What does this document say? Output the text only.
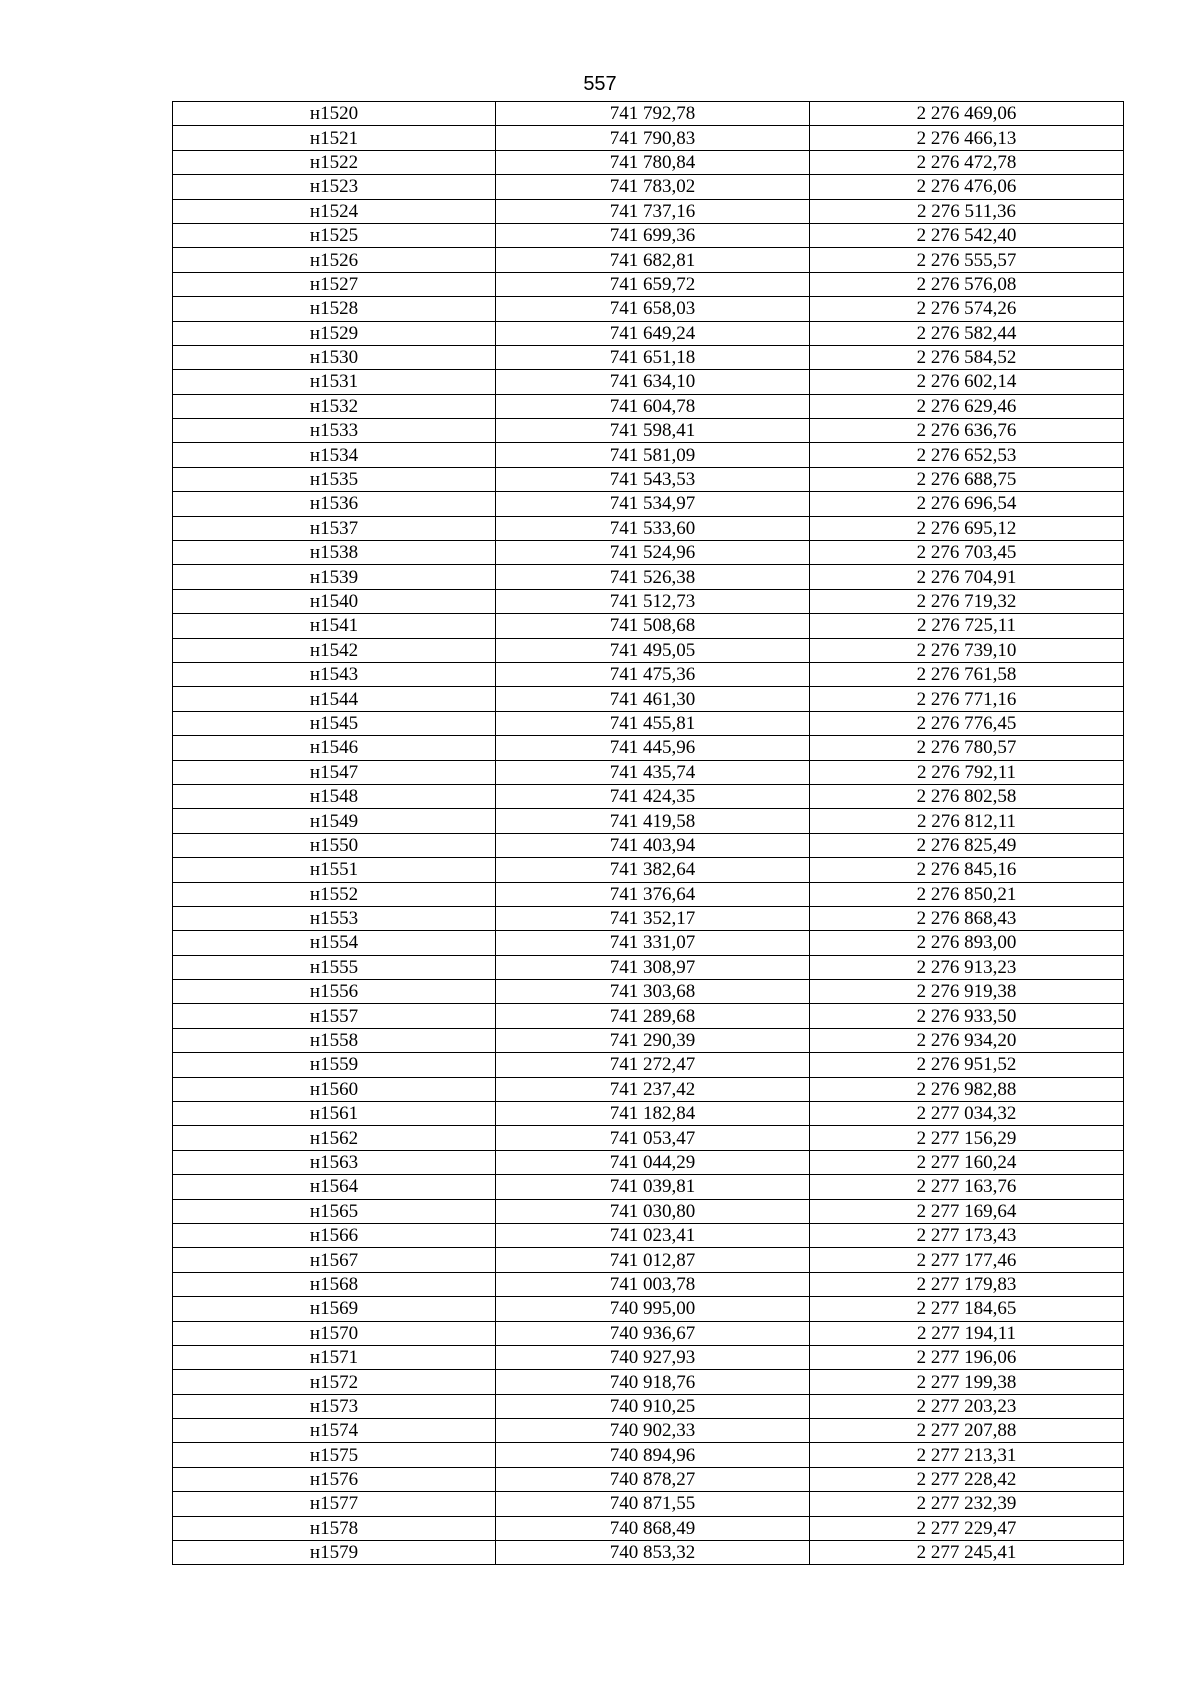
557
н1520	741 792,78	2 276 469,06
н1521	741 790,83	2 276 466,13
н1522	741 780,84	2 276 472,78
н1523	741 783,02	2 276 476,06
н1524	741 737,16	2 276 511,36
н1525	741 699,36	2 276 542,40
н1526	741 682,81	2 276 555,57
н1527	741 659,72	2 276 576,08
н1528	741 658,03	2 276 574,26
н1529	741 649,24	2 276 582,44
н1530	741 651,18	2 276 584,52
н1531	741 634,10	2 276 602,14
н1532	741 604,78	2 276 629,46
н1533	741 598,41	2 276 636,76
н1534	741 581,09	2 276 652,53
н1535	741 543,53	2 276 688,75
н1536	741 534,97	2 276 696,54
н1537	741 533,60	2 276 695,12
н1538	741 524,96	2 276 703,45
н1539	741 526,38	2 276 704,91
н1540	741 512,73	2 276 719,32
н1541	741 508,68	2 276 725,11
н1542	741 495,05	2 276 739,10
н1543	741 475,36	2 276 761,58
н1544	741 461,30	2 276 771,16
н1545	741 455,81	2 276 776,45
н1546	741 445,96	2 276 780,57
н1547	741 435,74	2 276 792,11
н1548	741 424,35	2 276 802,58
н1549	741 419,58	2 276 812,11
н1550	741 403,94	2 276 825,49
н1551	741 382,64	2 276 845,16
н1552	741 376,64	2 276 850,21
н1553	741 352,17	2 276 868,43
н1554	741 331,07	2 276 893,00
н1555	741 308,97	2 276 913,23
н1556	741 303,68	2 276 919,38
н1557	741 289,68	2 276 933,50
н1558	741 290,39	2 276 934,20
н1559	741 272,47	2 276 951,52
н1560	741 237,42	2 276 982,88
н1561	741 182,84	2 277 034,32
н1562	741 053,47	2 277 156,29
н1563	741 044,29	2 277 160,24
н1564	741 039,81	2 277 163,76
н1565	741 030,80	2 277 169,64
н1566	741 023,41	2 277 173,43
н1567	741 012,87	2 277 177,46
н1568	741 003,78	2 277 179,83
н1569	740 995,00	2 277 184,65
н1570	740 936,67	2 277 194,11
н1571	740 927,93	2 277 196,06
н1572	740 918,76	2 277 199,38
н1573	740 910,25	2 277 203,23
н1574	740 902,33	2 277 207,88
н1575	740 894,96	2 277 213,31
н1576	740 878,27	2 277 228,42
н1577	740 871,55	2 277 232,39
н1578	740 868,49	2 277 229,47
н1579	740 853,32	2 277 245,41
